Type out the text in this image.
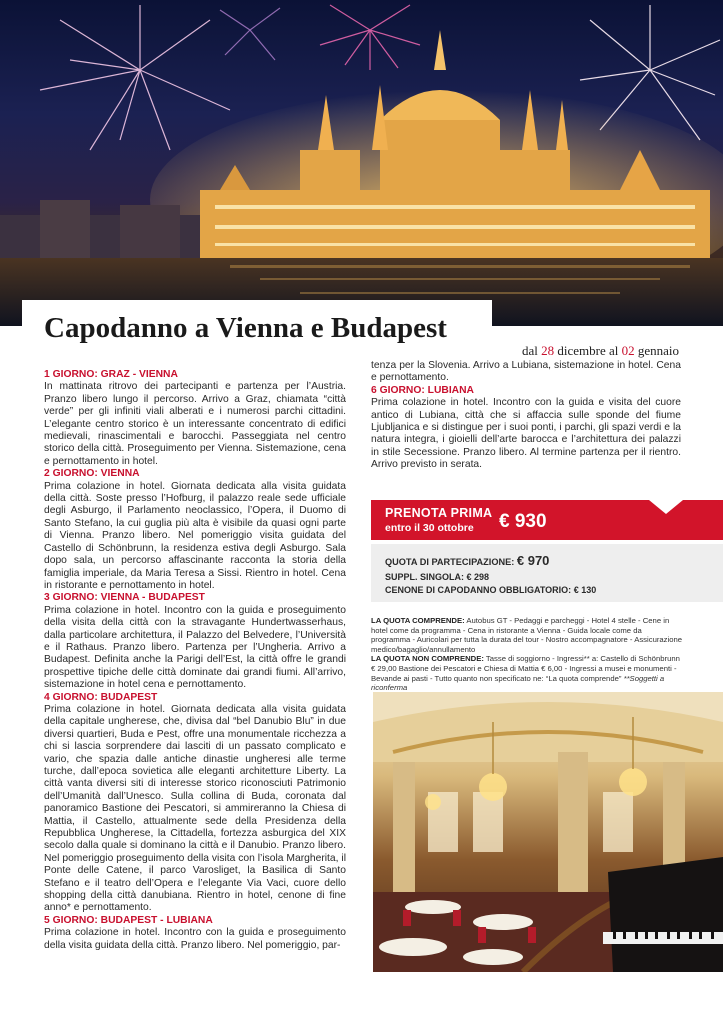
Capodanno a Vienna e Budapest
dal 28 dicembre al 02 gennaio
1 GIORNO: GRAZ - VIENNA

In mattinata ritrovo dei partecipanti e partenza per l’Austria. Pranzo libero lungo il percorso. Arrivo a Graz, chiamata “città verde” per gli infiniti viali alberati e i numerosi parchi cittadini. L’elegante centro storico è un interessante concentrato di edifici medievali, rinascimentali e barocchi. Passeggiata nel centro storico della città. Proseguimento per Vienna. Sistemazione, cena e pernottamento in hotel.

2 GIORNO: VIENNA

Prima colazione in hotel. Giornata dedicata alla visita guidata della città. Soste presso l’Hofburg, il palazzo reale sede ufficiale degli Asburgo, il Parlamento neoclassico, l’Opera, il Duomo di Santo Stefano, la cui guglia più alta è visibile da quasi ogni parte di Vienna. Pranzo libero. Nel pomeriggio visita guidata del Castello di Schönbrunn, la residenza estiva degli Asburgo. Sala dopo sala, un percorso affascinante racconta la storia della famiglia imperiale, da Maria Teresa a Sissi. Rientro in hotel. Cena in ristorante e pernottamento in hotel.

3 GIORNO: VIENNA - BUDAPEST

Prima colazione in hotel. Incontro con la guida e proseguimento della visita della città con la stravagante Hundertwasserhaus, dalla particolare architettura, il Palazzo del Belvedere, l’Università e il Rathaus. Pranzo libero. Partenza per l’Ungheria. Arrivo a Budapest. Definita anche la Parigi dell’Est, la città offre le grandi prospettive tipiche delle città dominate dai grandi fiumi. All’arrivo, sistemazione in hotel cena e pernottamento.

4 GIORNO: BUDAPEST

Prima colazione in hotel. Giornata dedicata alla visita guidata della capitale ungherese, che, divisa dal “bel Danubio Blu” in due diversi quartieri, Buda e Pest, offre una monumentale ricchezza a chi si lascia sorprendere dai lasciti di un passato complicato e vario, che spazia dalle antiche dinastie ungheresi alle terme turche, dall’epoca sovietica alle eleganti architetture Liberty. La città vanta diversi siti di interesse storico riconosciuti Patrimonio dell’Umanità dall’Unesco. Sulla collina di Buda, coronata dal panoramico Bastione dei Pescatori, si ammireranno la Chiesa di Mattia, il Castello, attualmente sede della Presidenza della Repubblica Ungherese, la Cittadella, fortezza asburgica del XIX secolo dalla quale si dominano la città e il Danubio. Pranzo libero. Nel pomeriggio proseguimento della visita con l’isola Margherita, il Ponte delle Catene, il parco Varosliget, la Basilica di Santo Stefano e il teatro dell’Opera e l’elegante Via Vaci, cuore dello shopping della città danubiana. Rientro in hotel, cenone di fine anno* e pernottamento.

5 GIORNO: BUDAPEST - LUBIANA

Prima colazione in hotel. Incontro con la guida e proseguimento della visita guidata della città. Pranzo libero. Nel pomeriggio, par-

tenza per la Slovenia. Arrivo a Lubiana, sistemazione in hotel. Cena e pernottamento.

6 GIORNO: LUBIANA

Prima colazione in hotel. Incontro con la guida e visita del cuore antico di Lubiana, città che si affaccia sulle sponde del fiume Ljubljanica e si distingue per i suoi ponti, i parchi, gli spazi verdi e la natura integra, i gioielli dell’arte barocca e l’architettura dei palazzi in stile Secessione. Pranzo libero. Al termine partenza per il rientro. Arrivo previsto in serata.

PRENOTA PRIMA
entro il 30 ottobre € 930
QUOTA DI PARTECIPAZIONE: € 970
SUPPL. SINGOLA: € 298
CENONE DI CAPODANNO OBBLIGATORIO: € 130
LA QUOTA COMPRENDE: Autobus GT - Pedaggi e parcheggi - Hotel 4 stelle - Cene in hotel come da programma - Cena in ristorante a Vienna - Guida locale come da programma - Auricolari per tutta la durata del tour - Nostro accompagnatore - Assicurazione medico/bagaglio/annullamento
LA QUOTA NON COMPRENDE: Tasse di soggiorno - Ingressi** a: Castello di Schönbrunn € 29,00 Bastione dei Pescatori e Chiesa di Mattia € 6,00 - Ingressi a musei e monumenti - Bevande ai pasti - Tutto quanto non specificato ne: “La quota comprende” **Soggetti a riconferma
